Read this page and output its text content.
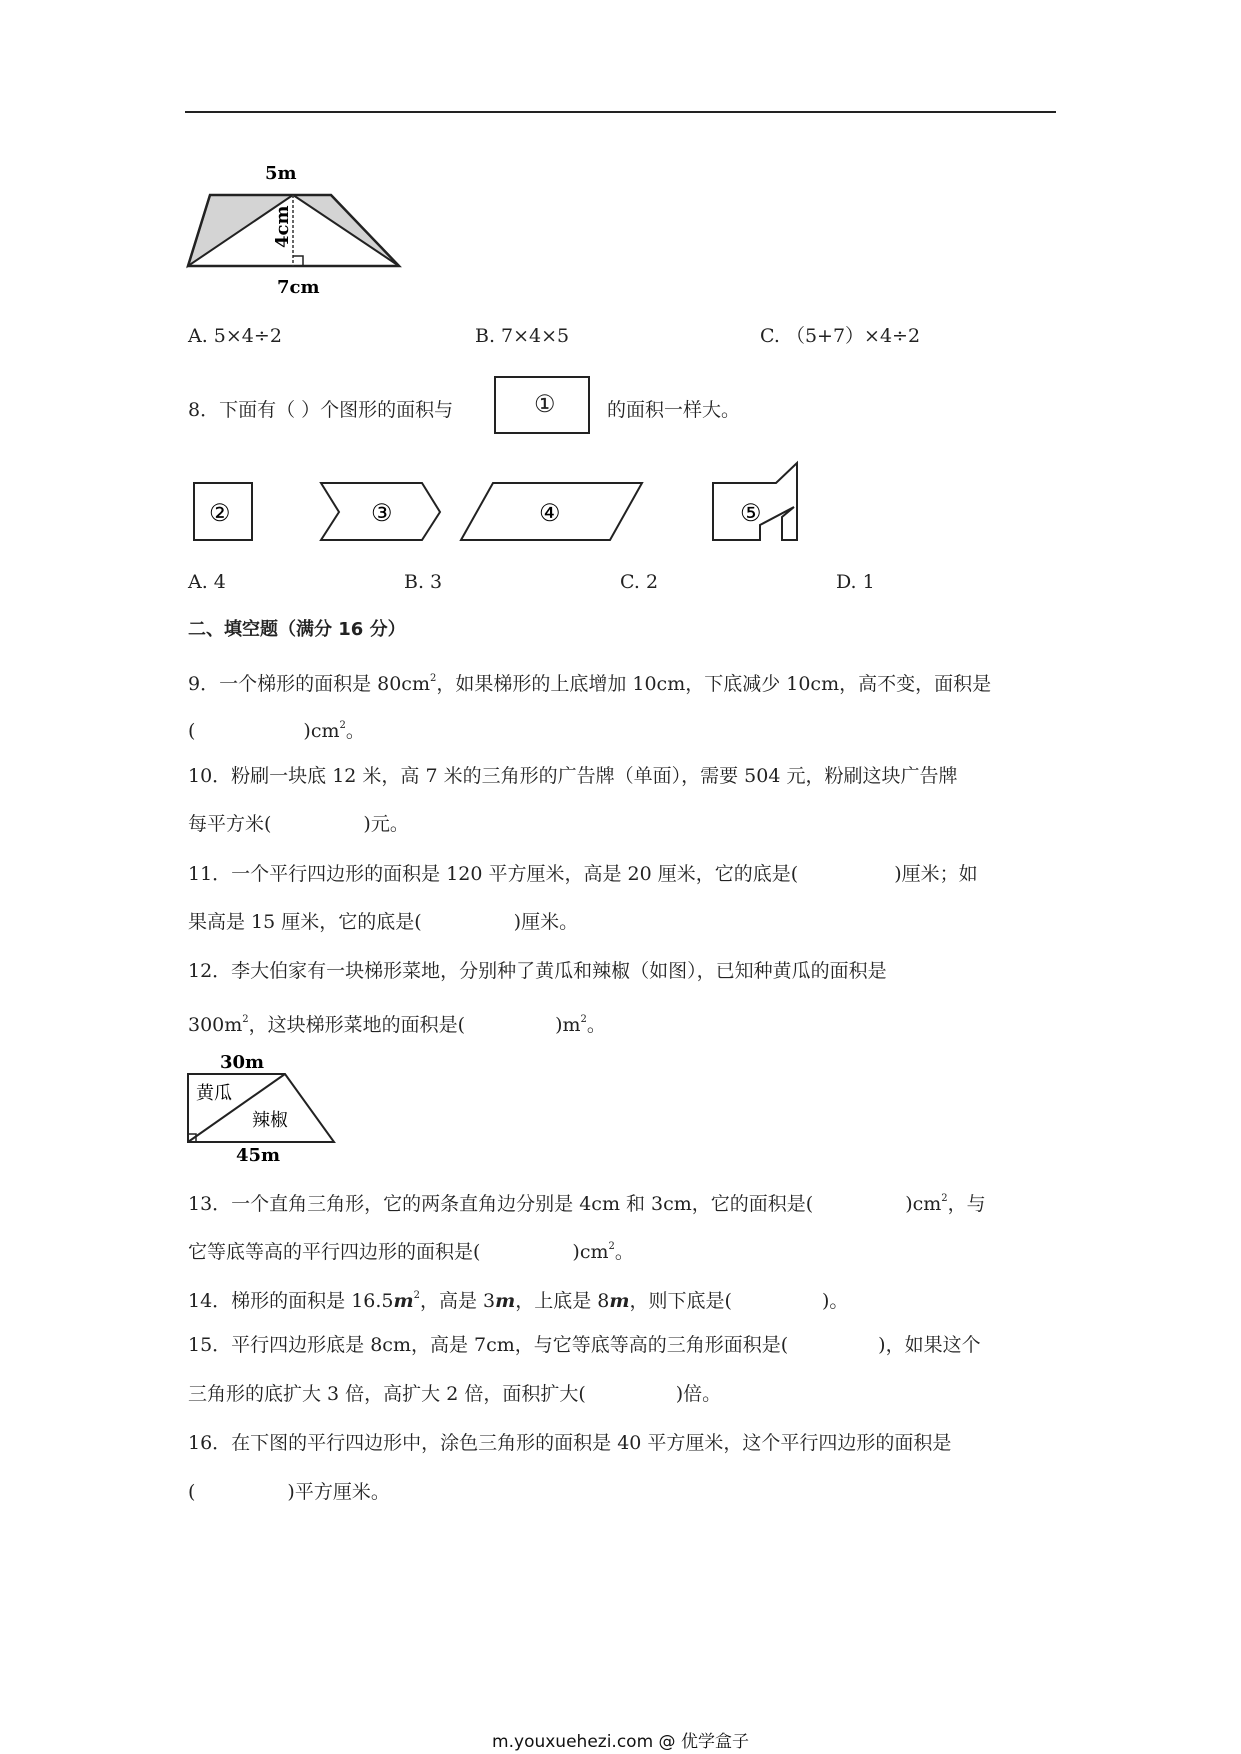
5m
4cm
7cm
A. 5×4÷2	B. 7×4×5	C. （5+7）×4÷2
8．下面有（ ）个图形的面积与	①	的面积一样大。
②	③	④	⑤
A. 4	B. 3	C. 2	D. 1
二、填空题（满分 16 分）
9．一个梯形的面积是 $80cm^2$，如果梯形的上底增加 10cm，下底减少 10cm，高不变，面积是
(	)$cm^2$。
10．粉刷一块底 12 米，高 7 米的三角形的广告牌（单面），需要 504 元，粉刷这块广告牌
每平方米(	)元。
11．一个平行四边形的面积是 120 平方厘米，高是 20 厘米，它的底是(	)厘米；如
果高是 15 厘米，它的底是(	)厘米。
12．李大伯家有一块梯形菜地，分别种了黄瓜和辣椒（如图），已知种黄瓜的面积是
$300m^2$，这块梯形菜地的面积是(	)$m^2$。
30m
黄瓜
辣椒
45m
13．一个直角三角形，它的两条直角边分别是 4cm 和 3cm，它的面积是(	)$cm^2$，与
它等底等高的平行四边形的面积是(	)$cm^2$。
14．梯形的面积是 $16.5m^2$，高是 3m，上底是 8m，则下底是(	)。
15．平行四边形底是 8cm，高是 7cm，与它等底等高的三角形面积是(	)，如果这个
三角形的底扩大 3 倍，高扩大 2 倍，面积扩大(	)倍。
16．在下图的平行四边形中，涂色三角形的面积是 40 平方厘米，这个平行四边形的面积是
(	)平方厘米。
m.youxuehezi.com @ 优学盒子
